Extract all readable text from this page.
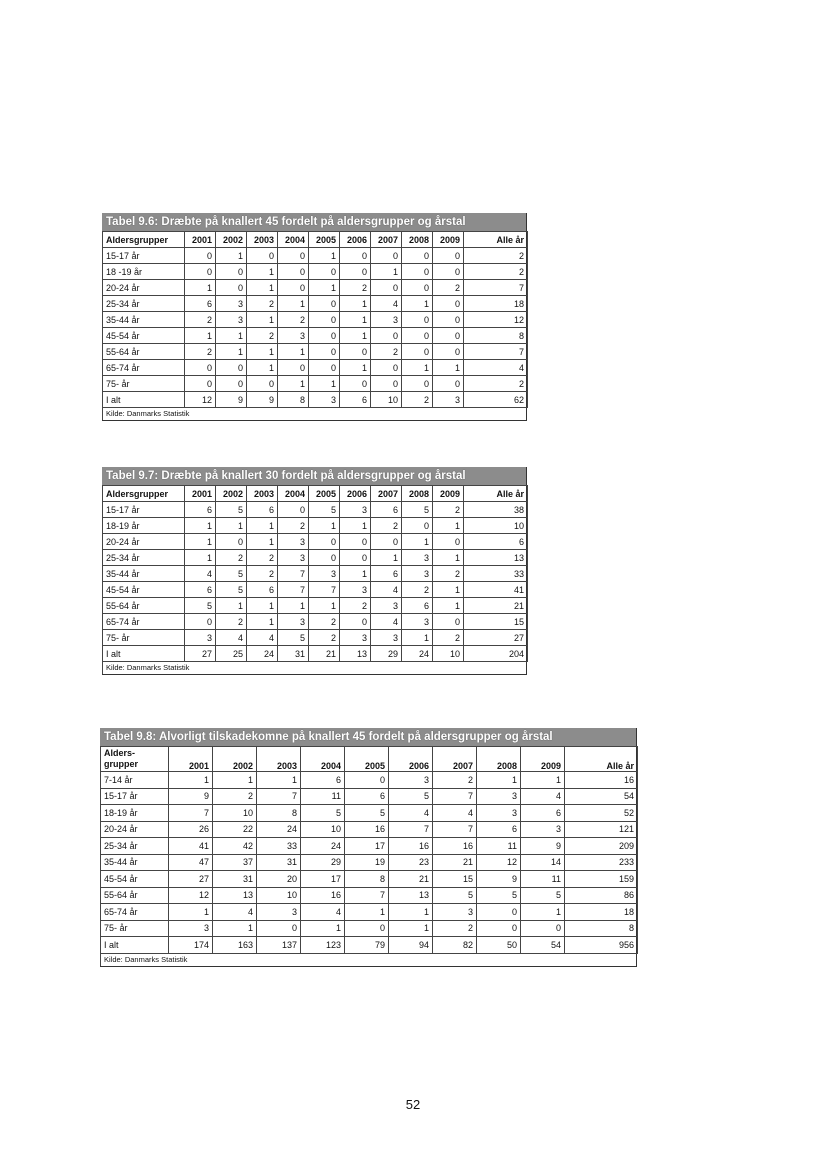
Tabel 9.6: Dræbte på knallert 45 fordelt på aldersgrupper og årstal
Aldersgrupper	2001	2002	2003	2004	2005	2006	2007	2008	2009	Alle år
15-17 år	0	1	0	0	1	0	0	0	0	2
18 -19 år	0	0	1	0	0	0	1	0	0	2
20-24 år	1	0	1	0	1	2	0	0	2	7
25-34 år	6	3	2	1	0	1	4	1	0	18
35-44 år	2	3	1	2	0	1	3	0	0	12
45-54 år	1	1	2	3	0	1	0	0	0	8
55-64 år	2	1	1	1	0	0	2	0	0	7
65-74 år	0	0	1	0	0	1	0	1	1	4
75- år	0	0	0	1	1	0	0	0	0	2
I alt	12	9	9	8	3	6	10	2	3	62
Kilde: Danmarks Statistik
Tabel 9.7: Dræbte på knallert 30 fordelt på aldersgrupper og årstal
Aldersgrupper	2001	2002	2003	2004	2005	2006	2007	2008	2009	Alle år
15-17 år	6	5	6	0	5	3	6	5	2	38
18-19 år	1	1	1	2	1	1	2	0	1	10
20-24 år	1	0	1	3	0	0	0	1	0	6
25-34 år	1	2	2	3	0	0	1	3	1	13
35-44 år	4	5	2	7	3	1	6	3	2	33
45-54 år	6	5	6	7	7	3	4	2	1	41
55-64 år	5	1	1	1	1	2	3	6	1	21
65-74 år	0	2	1	3	2	0	4	3	0	15
75- år	3	4	4	5	2	3	3	1	2	27
I alt	27	25	24	31	21	13	29	24	10	204
Kilde: Danmarks Statistik
Tabel 9.8: Alvorligt tilskadekomne på knallert 45 fordelt på aldersgrupper og årstal
Alders-
grupper	2001	2002	2003	2004	2005	2006	2007	2008	2009	Alle år
7-14 år	1	1	1	6	0	3	2	1	1	16
15-17 år	9	2	7	11	6	5	7	3	4	54
18-19 år	7	10	8	5	5	4	4	3	6	52
20-24 år	26	22	24	10	16	7	7	6	3	121
25-34 år	41	42	33	24	17	16	16	11	9	209
35-44 år	47	37	31	29	19	23	21	12	14	233
45-54 år	27	31	20	17	8	21	15	9	11	159
55-64 år	12	13	10	16	7	13	5	5	5	86
65-74 år	1	4	3	4	1	1	3	0	1	18
75- år	3	1	0	1	0	1	2	0	0	8
I alt	174	163	137	123	79	94	82	50	54	956
Kilde: Danmarks Statistik
52
